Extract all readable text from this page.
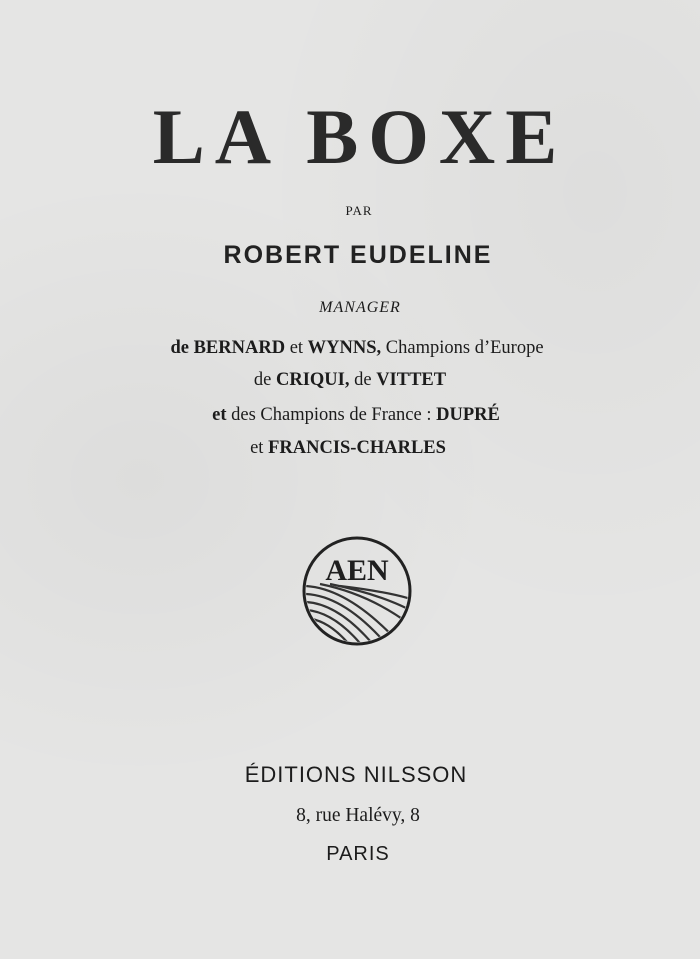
LA BOXE
PAR
ROBERT EUDELINE
MANAGER
de BERNARD et WYNNS, Champions d’Europe
de CRIQUI, de VITTET
et des Champions de France : DUPRÉ
et FRANCIS-CHARLES
AEN
ÉDITIONS NILSSON
8, rue Halévy, 8
PARIS
